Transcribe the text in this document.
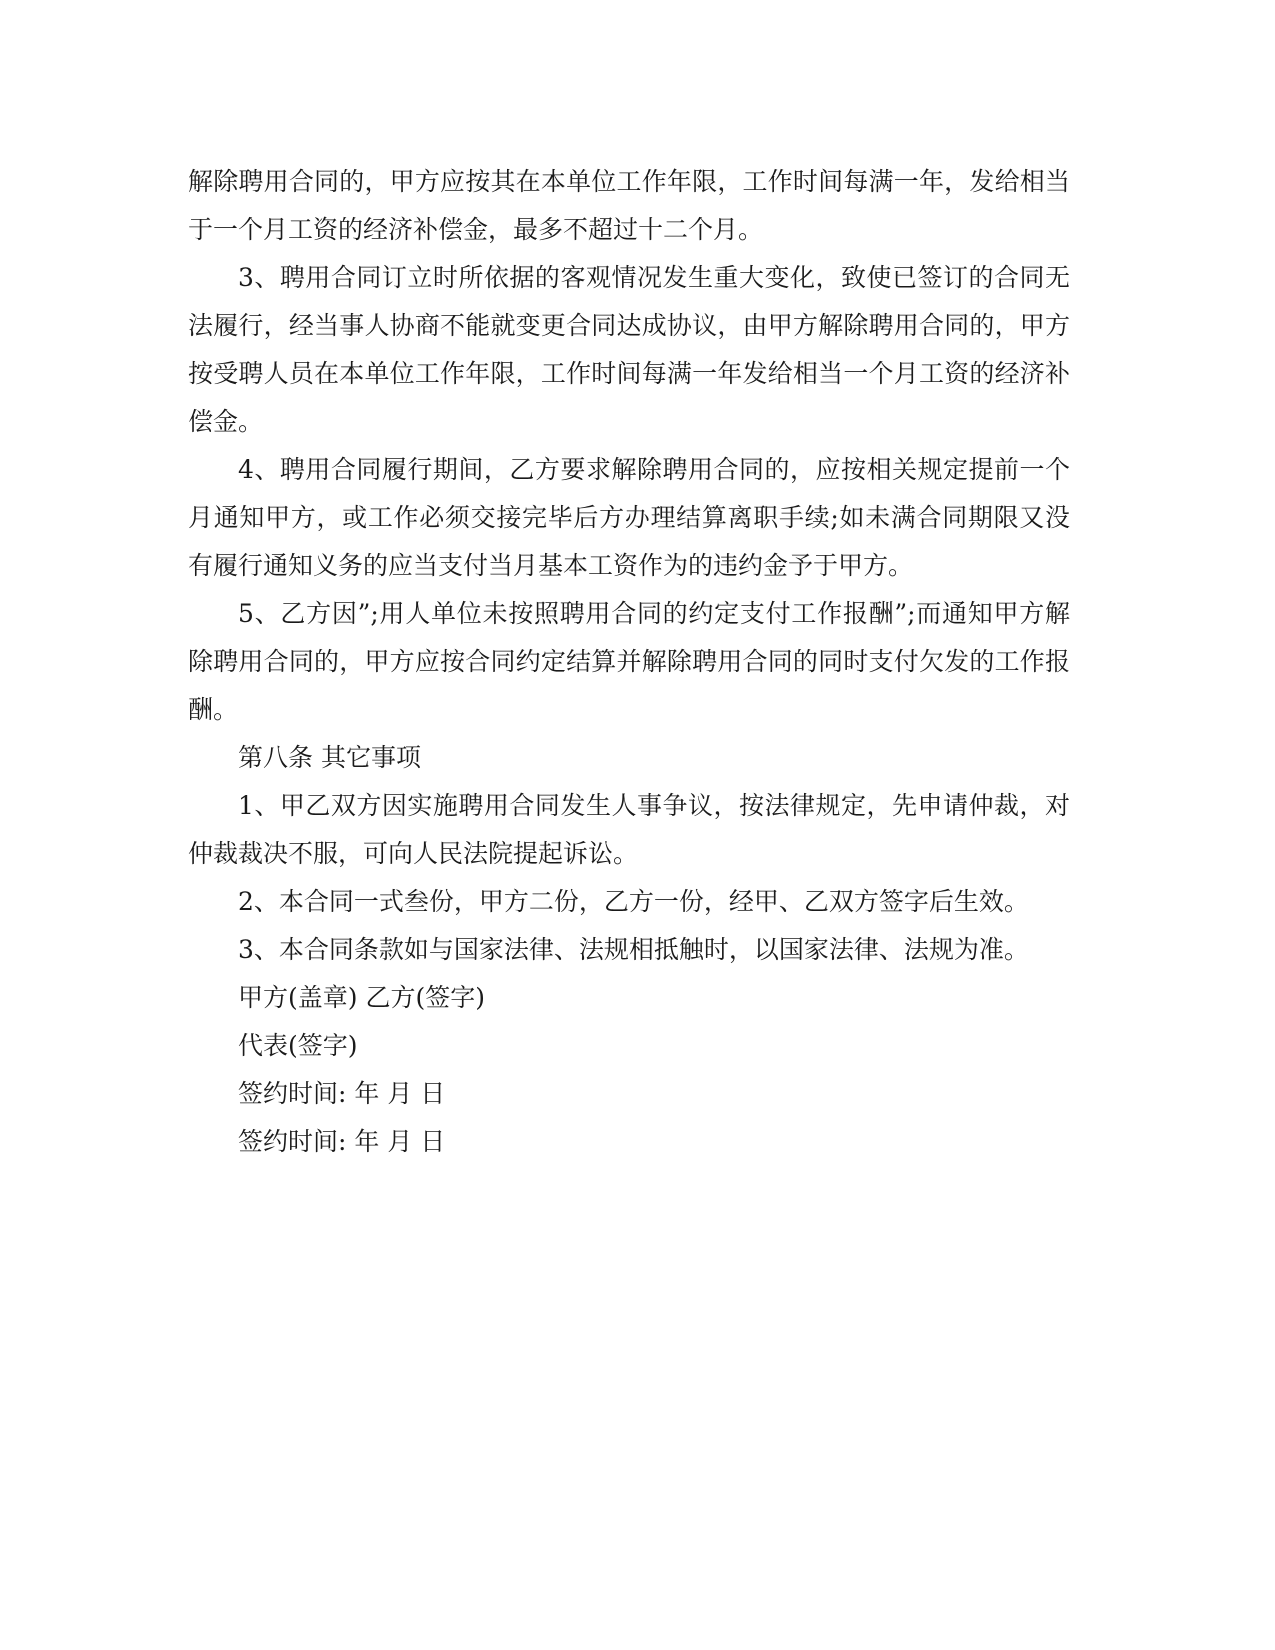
解除聘用合同的，甲方应按其在本单位工作年限，工作时间每满一年，发给相当于一个月工资的经济补偿金，最多不超过十二个月。

3、聘用合同订立时所依据的客观情况发生重大变化，致使已签订的合同无法履行，经当事人协商不能就变更合同达成协议，由甲方解除聘用合同的，甲方按受聘人员在本单位工作年限，工作时间每满一年发给相当一个月工资的经济补偿金。

4、聘用合同履行期间，乙方要求解除聘用合同的，应按相关规定提前一个月通知甲方，或工作必须交接完毕后方办理结算离职手续;如未满合同期限又没有履行通知义务的应当支付当月基本工资作为的违约金予于甲方。

5、乙方因”;用人单位未按照聘用合同的约定支付工作报酬”;而通知甲方解除聘用合同的，甲方应按合同约定结算并解除聘用合同的同时支付欠发的工作报酬。

第八条 其它事项

1、甲乙双方因实施聘用合同发生人事争议，按法律规定，先申请仲裁，对仲裁裁决不服，可向人民法院提起诉讼。

2、本合同一式叁份，甲方二份，乙方一份，经甲、乙双方签字后生效。

3、本合同条款如与国家法律、法规相抵触时，以国家法律、法规为准。

甲方(盖章) 乙方(签字)

代表(签字)

签约时间: 年 月 日

签约时间: 年 月 日
